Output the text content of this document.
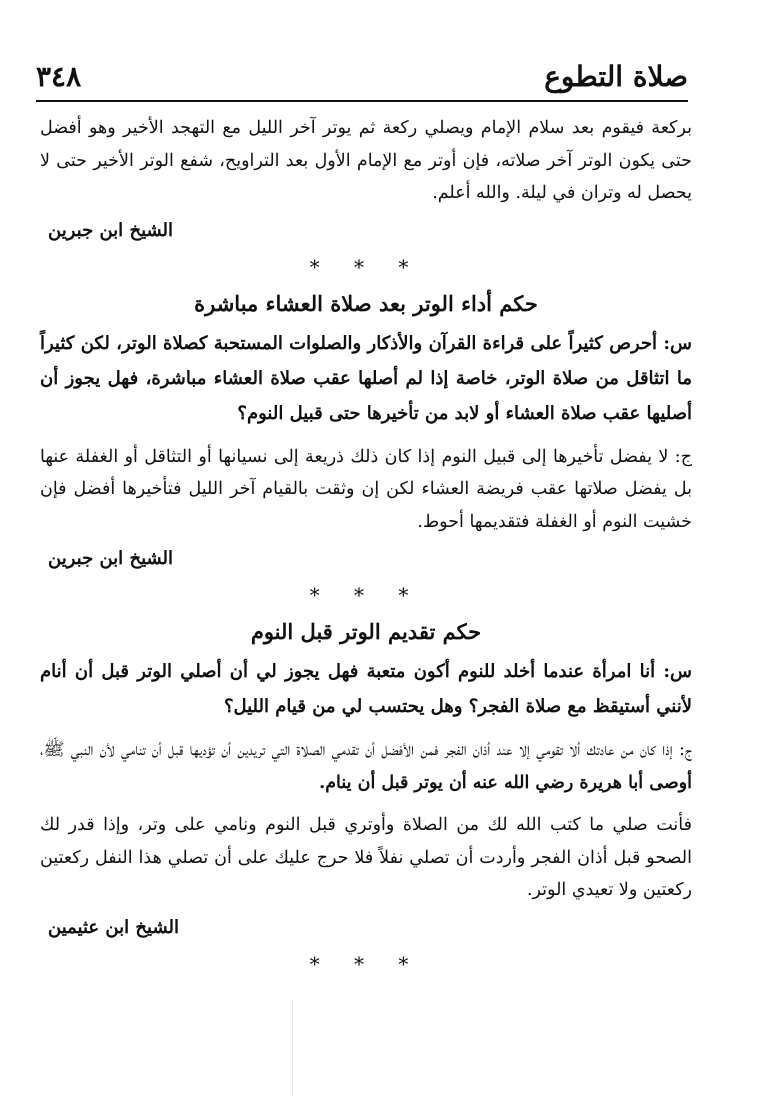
٣٤٨	صلاة التطوع

بركعة فيقوم بعد سلام الإمام ويصلي ركعة ثم يوتر آخر الليل مع التهجد الأخير وهو أفضل حتى يكون الوتر آخر صلاته، فإن أوتر مع الإمام الأول بعد التراويح، شفع الوتر الأخير حتى لا يحصل له وتران في ليلة. والله أعلم.

الشيخ ابن جبرين
* * *
حكم أداء الوتر بعد صلاة العشاء مباشرة

س: أحرص كثيراً على قراءة القرآن والأذكار والصلوات المستحبة كصلاة الوتر، لكن كثيراً ما اتثاقل من صلاة الوتر، خاصة إذا لم أصلها عقب صلاة العشاء مباشرة، فهل يجوز أن أصليها عقب صلاة العشاء أو لابد من تأخيرها حتى قبيل النوم؟

ج: لا يفضل تأخيرها إلى قبيل النوم إذا كان ذلك ذريعة إلى نسيانها أو التثاقل أو الغفلة عنها بل يفضل صلاتها عقب فريضة العشاء لكن إن وثقت بالقيام آخر الليل فتأخيرها أفضل فإن خشيت النوم أو الغفلة فتقديمها أحوط.

الشيخ ابن جبرين
* * *
حكم تقديم الوتر قبل النوم

س: أنا امرأة عندما أخلد للنوم أكون متعبة فهل يجوز لي أن أصلي الوتر قبل أن أنام لأنني أستيقظ مع صلاة الفجر؟ وهل يحتسب لي من قيام الليل؟

ج: إذا كان من عادتك ألا تقومي إلا عند أذان الفجر فمن الأفضل أن تقدمي الصلاة التي تريدين أن تؤديها قبل أن تنامي لأن النبي ﷺ، أوصى أبا هريرة رضي الله عنه أن يوتر قبل أن ينام.

فأنت صلي ما كتب الله لك من الصلاة وأوتري قبل النوم ونامي على وتر، وإذا قدر لك الصحو قبل أذان الفجر وأردت أن تصلي نفلاً فلا حرج عليك على أن تصلي هذا النفل ركعتين ركعتين ولا تعيدي الوتر.

الشيخ ابن عثيمين
* * *
